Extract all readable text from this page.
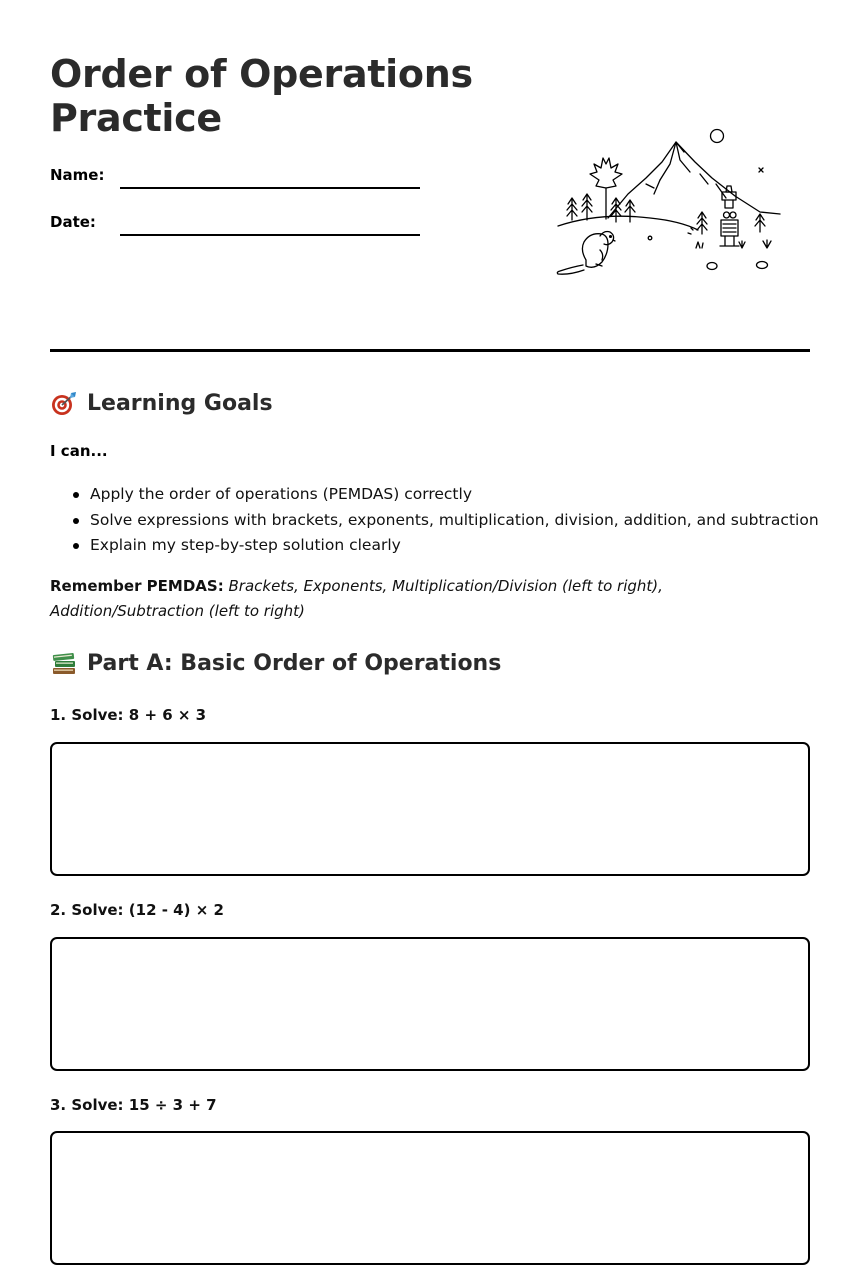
Order of Operations Practice
Name:
Date:
Learning Goals

I can...

Apply the order of operations (PEMDAS) correctly
Solve expressions with brackets, exponents, multiplication, division, addition, and subtraction
Explain my step-by-step solution clearly

Remember PEMDAS: Brackets, Exponents, Multiplication/Division (left to right), Addition/Subtraction (left to right)

Part A: Basic Order of Operations

1. Solve: 8 + 6 × 3

2. Solve: (12 - 4) × 2

3. Solve: 15 ÷ 3 + 7
